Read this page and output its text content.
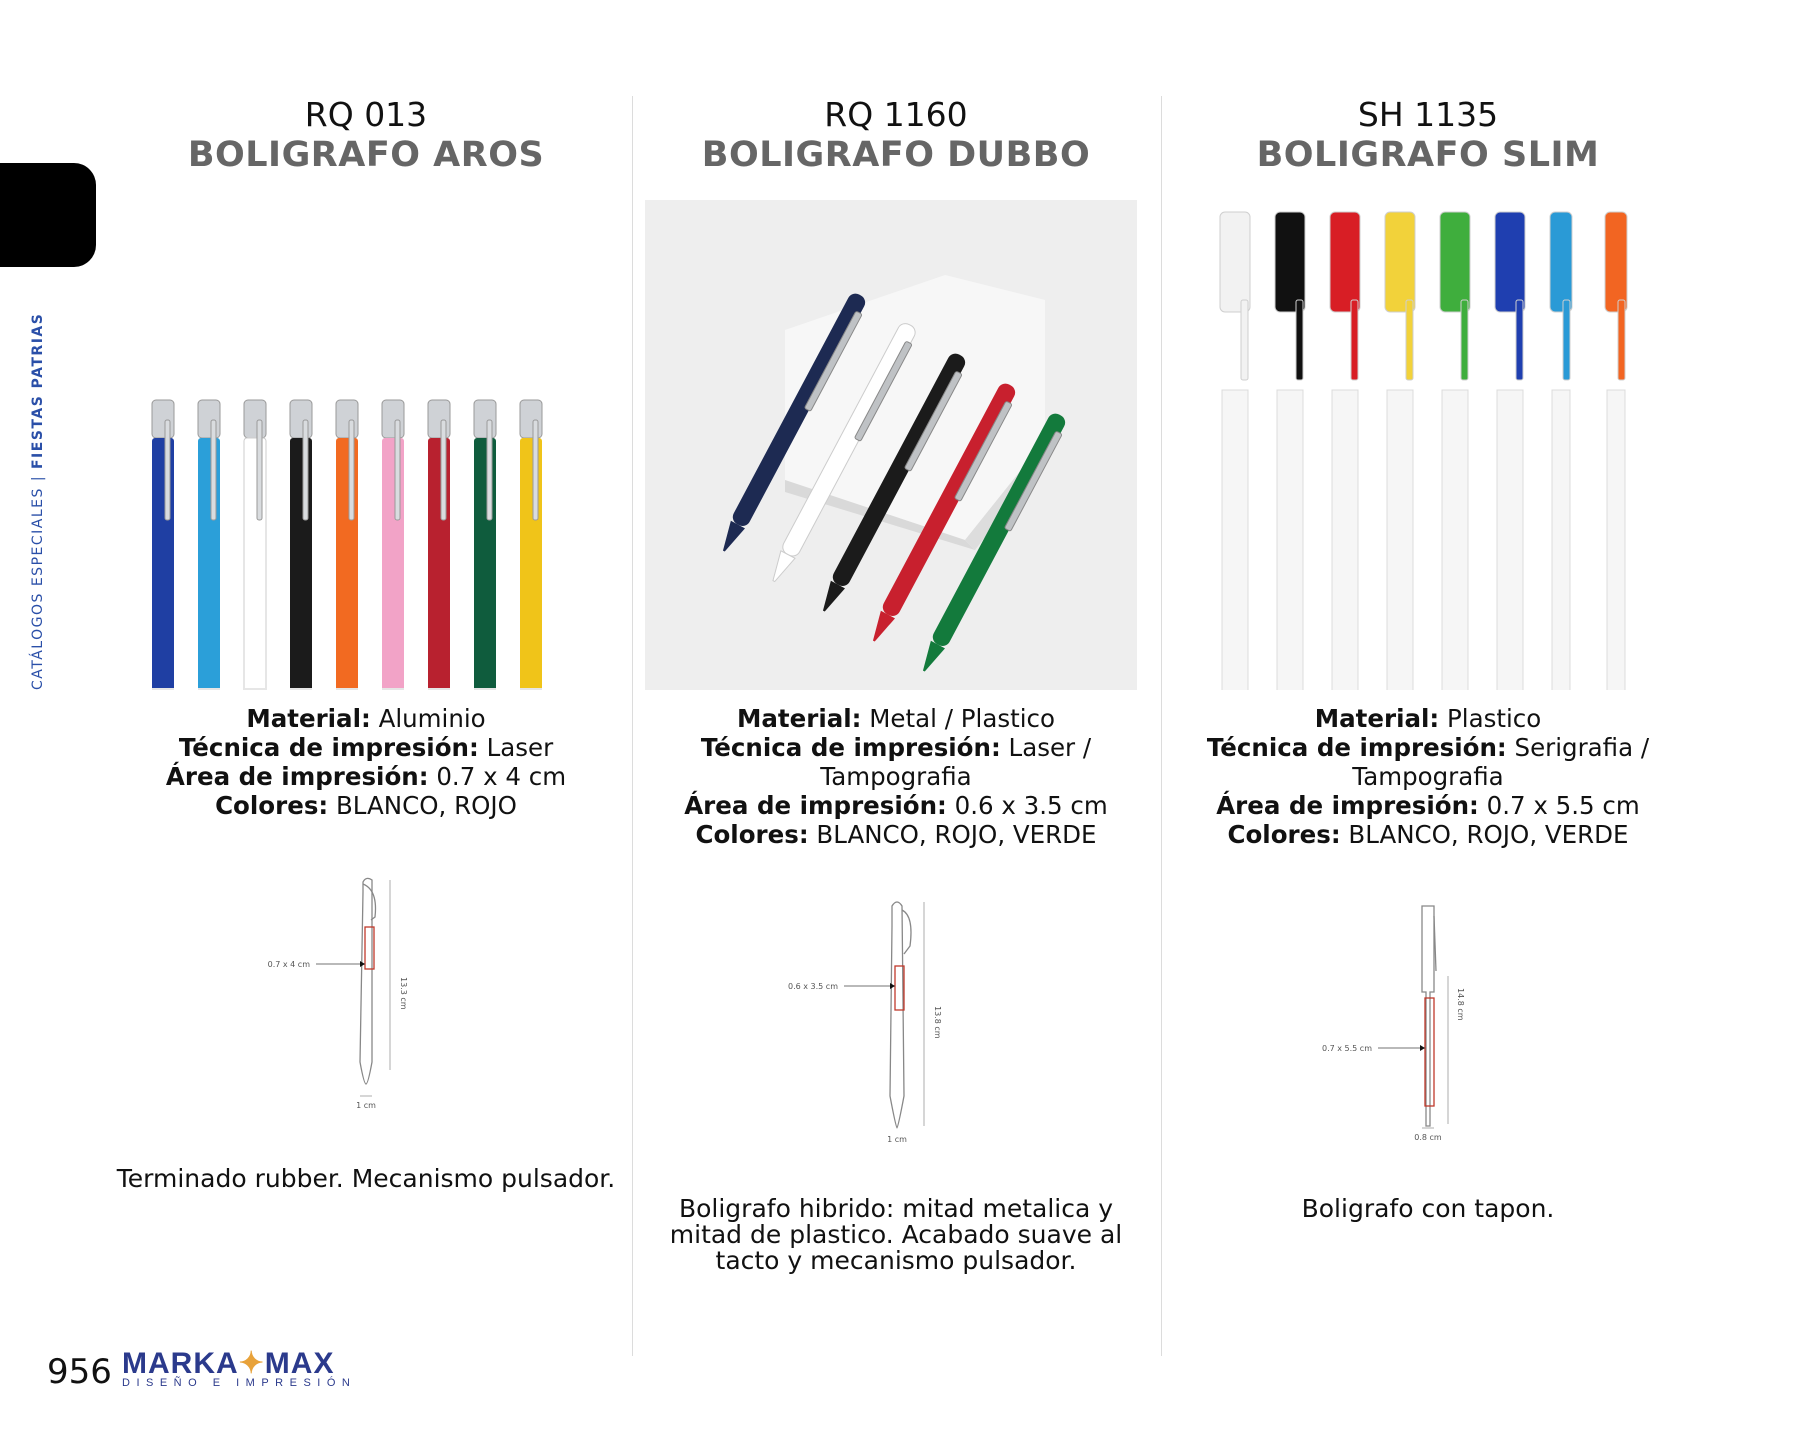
CATÁLOGOS ESPECIALES | FIESTAS PATRIAS
RQ 013
BOLIGRAFO AROS
Material: Aluminio
Técnica de impresión: Laser
Área de impresión: 0.7 x 4 cm
Colores: BLANCO, ROJO
0.7 x 4 cm
13.3 cm
1 cm
Terminado rubber. Mecanismo pulsador.
RQ 1160
BOLIGRAFO DUBBO
Material: Metal / Plastico
Técnica de impresión: Laser / Tampografia
Área de impresión: 0.6 x 3.5 cm
Colores: BLANCO, ROJO, VERDE
0.6 x 3.5 cm
13.8 cm
1 cm
Boligrafo hibrido: mitad metalica y mitad de plastico. Acabado suave al tacto y mecanismo pulsador.
SH 1135
BOLIGRAFO SLIM
Material: Plastico
Técnica de impresión: Serigrafia / Tampografia
Área de impresión: 0.7 x 5.5 cm
Colores: BLANCO, ROJO, VERDE
0.7 x 5.5 cm
14.8 cm
0.8 cm
Boligrafo con tapon.
956 MARKA✦MAX
DISEÑO E IMPRESIÓN
